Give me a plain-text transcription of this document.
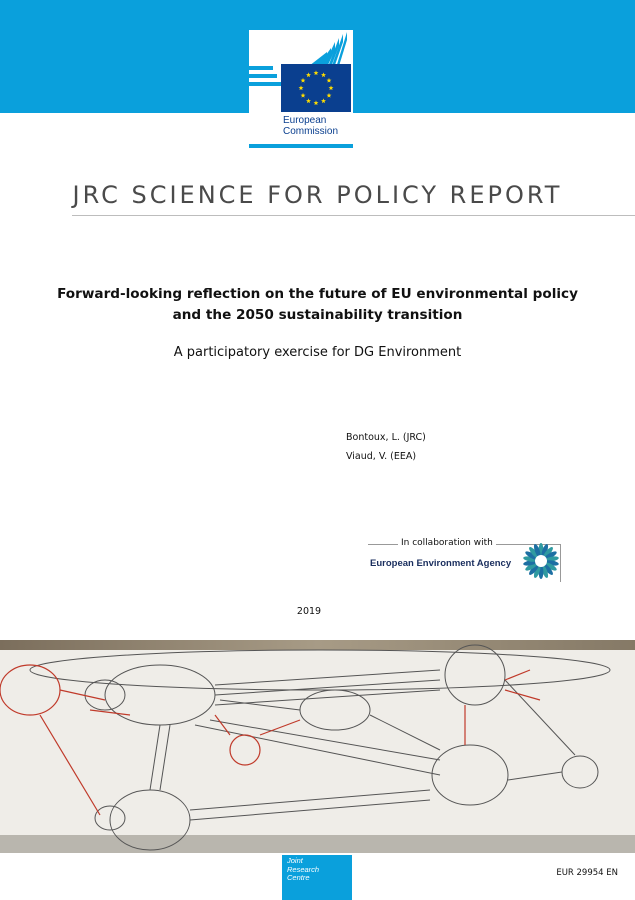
European
Commission
JRC SCIENCE FOR POLICY REPORT
Forward-looking reflection on the future of EU environmental policy
and the 2050 sustainability transition
A participatory exercise for DG Environment
Bontoux, L. (JRC)
Viaud, V. (EEA)
In collaboration with
European Environment Agency
2019
Joint
Research
Centre	EUR 29954 EN
